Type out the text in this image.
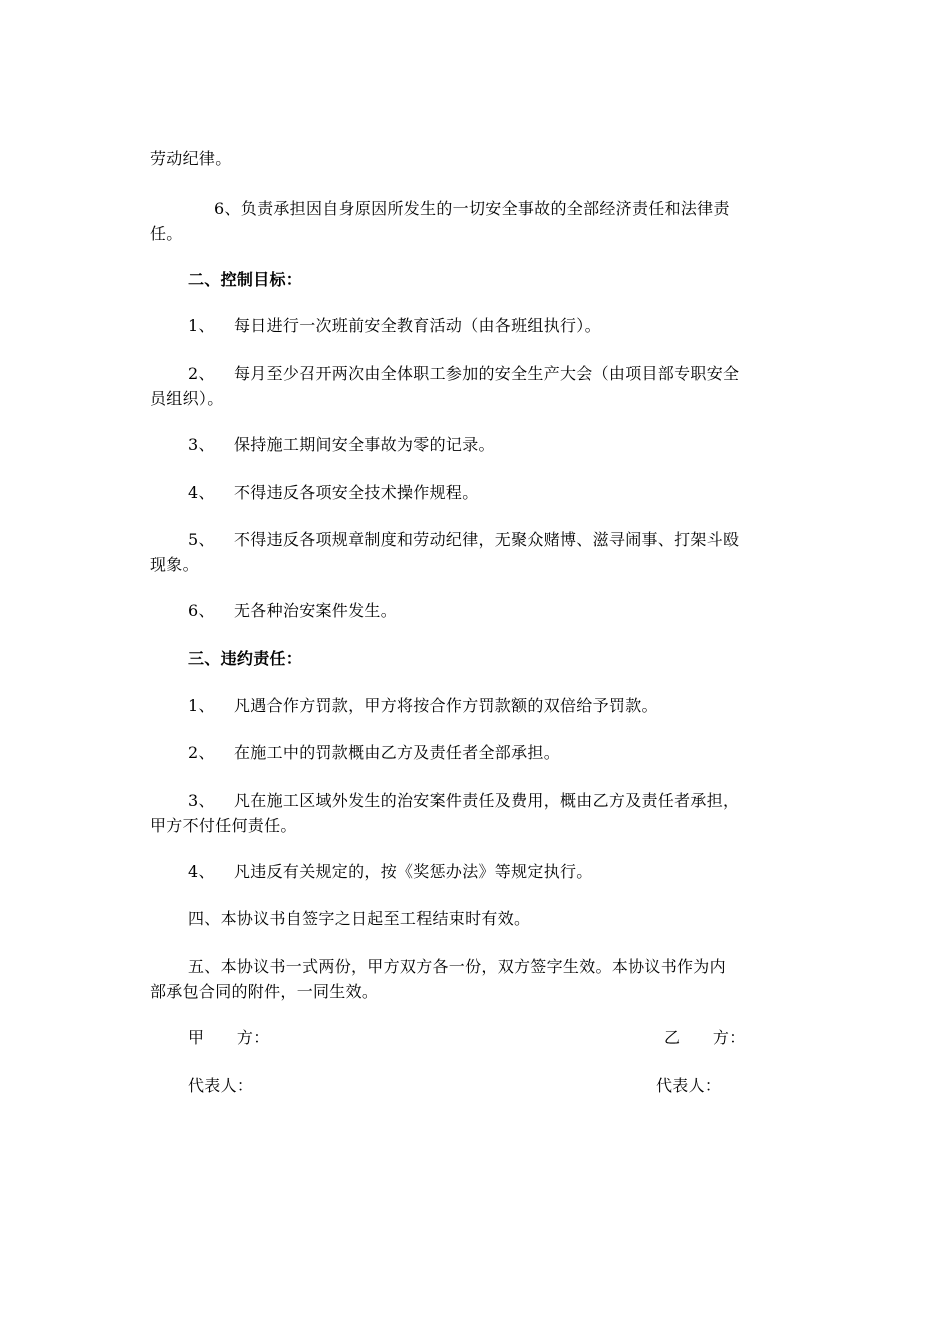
劳动纪律。
6、负责承担因自身原因所发生的一切安全事故的全部经济责任和法律责
任。
二、控制目标：
1、 每日进行一次班前安全教育活动（由各班组执行）。
2、 每月至少召开两次由全体职工参加的安全生产大会（由项目部专职安全
员组织）。
3、 保持施工期间安全事故为零的记录。
4、 不得违反各项安全技术操作规程。
5、 不得违反各项规章制度和劳动纪律，无聚众赌博、滋寻闹事、打架斗殴
现象。
6、 无各种治安案件发生。
三、违约责任：
1、 凡遇合作方罚款，甲方将按合作方罚款额的双倍给予罚款。
2、 在施工中的罚款概由乙方及责任者全部承担。
3、 凡在施工区域外发生的治安案件责任及费用，概由乙方及责任者承担，
甲方不付任何责任。
4、 凡违反有关规定的，按《奖惩办法》等规定执行。
四、本协议书自签字之日起至工程结束时有效。
五、本协议书一式两份，甲方双方各一份，双方签字生效。本协议书作为内
部承包合同的附件，一同生效。
甲　　方：	乙　　方：
代表人：	代表人：
